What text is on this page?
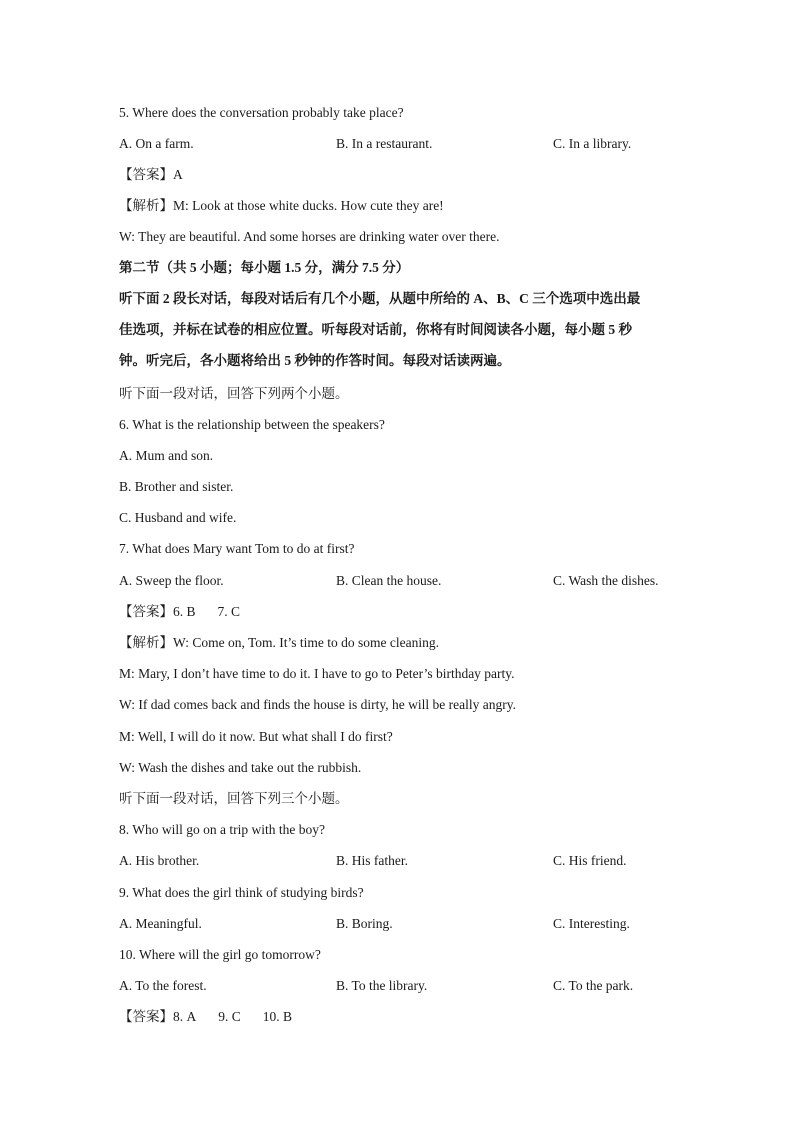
5. Where does the conversation probably take place?
A. On a farm.	B. In a restaurant.	C. In a library.
【答案】A
【解析】M: Look at those white ducks. How cute they are!
W: They are beautiful. And some horses are drinking water over there.
第二节（共 5 小题；每小题 1.5 分，满分 7.5 分）
听下面 2 段长对话，每段对话后有几个小题，从题中所给的 A、B、C 三个选项中选出最
佳选项，并标在试卷的相应位置。听每段对话前，你将有时间阅读各小题，每小题 5 秒
钟。听完后，各小题将给出 5 秒钟的作答时间。每段对话读两遍。
听下面一段对话，回答下列两个小题。
6. What is the relationship between the speakers?
A. Mum and son.
B. Brother and sister.
C. Husband and wife.
7. What does Mary want Tom to do at first?
A. Sweep the floor.	B. Clean the house.	C. Wash the dishes.
【答案】6. B 7. C
【解析】W: Come on, Tom. It’s time to do some cleaning.
M: Mary, I don’t have time to do it. I have to go to Peter’s birthday party.
W: If dad comes back and finds the house is dirty, he will be really angry.
M: Well, I will do it now. But what shall I do first?
W: Wash the dishes and take out the rubbish.
听下面一段对话，回答下列三个小题。
8. Who will go on a trip with the boy?
A. His brother.	B. His father.	C. His friend.
9. What does the girl think of studying birds?
A. Meaningful.	B. Boring.	C. Interesting.
10. Where will the girl go tomorrow?
A. To the forest.	B. To the library.	C. To the park.
【答案】8. A 9. C 10. B
